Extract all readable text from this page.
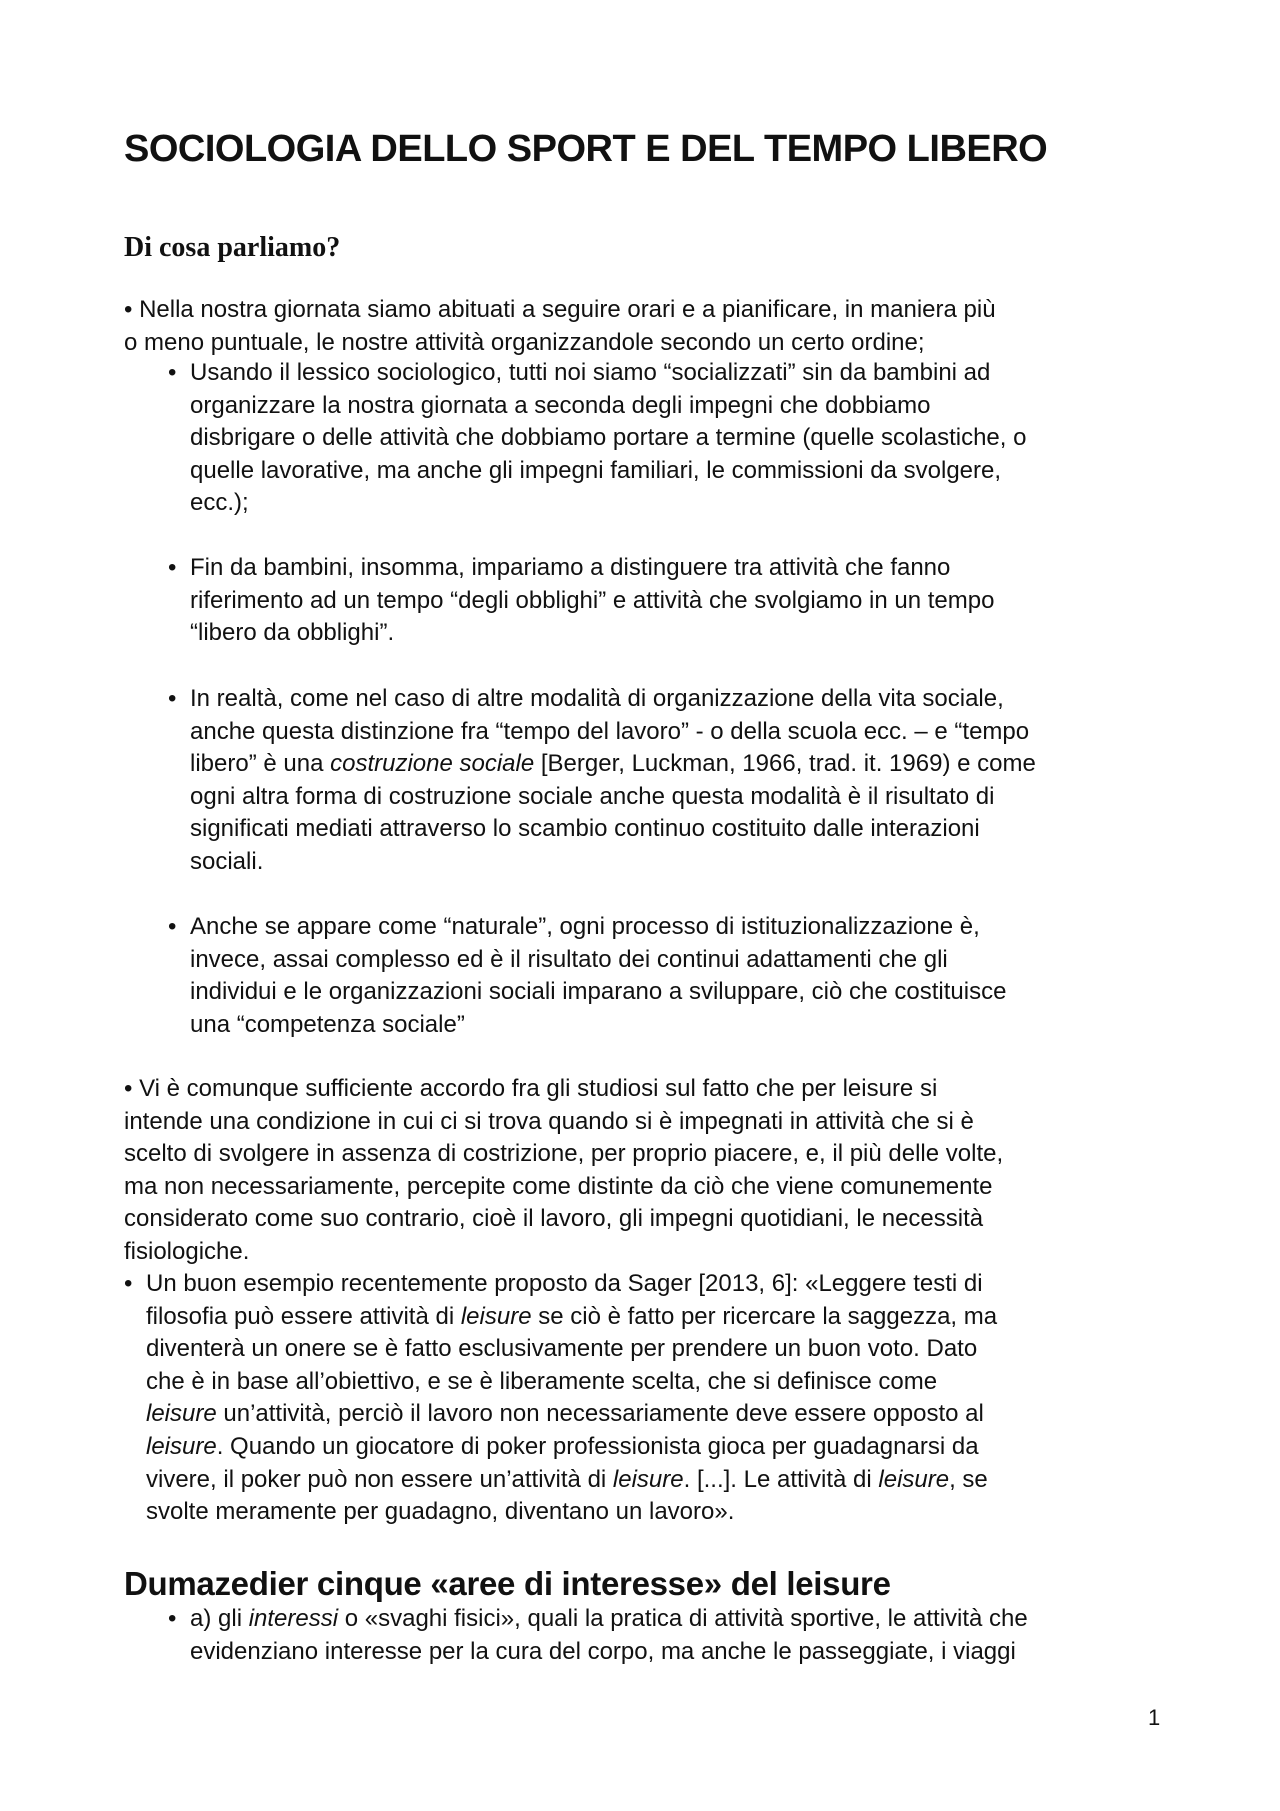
SOCIOLOGIA DELLO SPORT E DEL TEMPO LIBERO
Di cosa parliamo?
• Nella nostra giornata siamo abituati a seguire orari e a pianificare, in maniera più
o meno puntuale, le nostre attività organizzandole secondo un certo ordine;
• Usando il lessico sociologico, tutti noi siamo “socializzati” sin da bambini ad
organizzare la nostra giornata a seconda degli impegni che dobbiamo
disbrigare o delle attività che dobbiamo portare a termine (quelle scolastiche, o
quelle lavorative, ma anche gli impegni familiari, le commissioni da svolgere,
ecc.);
• Fin da bambini, insomma, impariamo a distinguere tra attività che fanno
riferimento ad un tempo “degli obblighi” e attività che svolgiamo in un tempo
“libero da obblighi”.
• In realtà, come nel caso di altre modalità di organizzazione della vita sociale,
anche questa distinzione fra “tempo del lavoro” - o della scuola ecc. – e “tempo
libero” è una costruzione sociale [Berger, Luckman, 1966, trad. it. 1969) e come
ogni altra forma di costruzione sociale anche questa modalità è il risultato di
significati mediati attraverso lo scambio continuo costituito dalle interazioni
sociali.
• Anche se appare come “naturale”, ogni processo di istituzionalizzazione è,
invece, assai complesso ed è il risultato dei continui adattamenti che gli
individui e le organizzazioni sociali imparano a sviluppare, ciò che costituisce
una “competenza sociale”
• Vi è comunque sufficiente accordo fra gli studiosi sul fatto che per leisure si
intende una condizione in cui ci si trova quando si è impegnati in attività che si è
scelto di svolgere in assenza di costrizione, per proprio piacere, e, il più delle volte,
ma non necessariamente, percepite come distinte da ciò che viene comunemente
considerato come suo contrario, cioè il lavoro, gli impegni quotidiani, le necessità
fisiologiche.
• Un buon esempio recentemente proposto da Sager [2013, 6]: «Leggere testi di
filosofia può essere attività di leisure se ciò è fatto per ricercare la saggezza, ma
diventerà un onere se è fatto esclusivamente per prendere un buon voto. Dato
che è in base all’obiettivo, e se è liberamente scelta, che si definisce come
leisure un’attività, perciò il lavoro non necessariamente deve essere opposto al
leisure. Quando un giocatore di poker professionista gioca per guadagnarsi da
vivere, il poker può non essere un’attività di leisure. [...]. Le attività di leisure, se
svolte meramente per guadagno, diventano un lavoro».
Dumazedier cinque «aree di interesse» del leisure
• a) gli interessi o «svaghi fisici», quali la pratica di attività sportive, le attività che
evidenziano interesse per la cura del corpo, ma anche le passeggiate, i viaggi
1
